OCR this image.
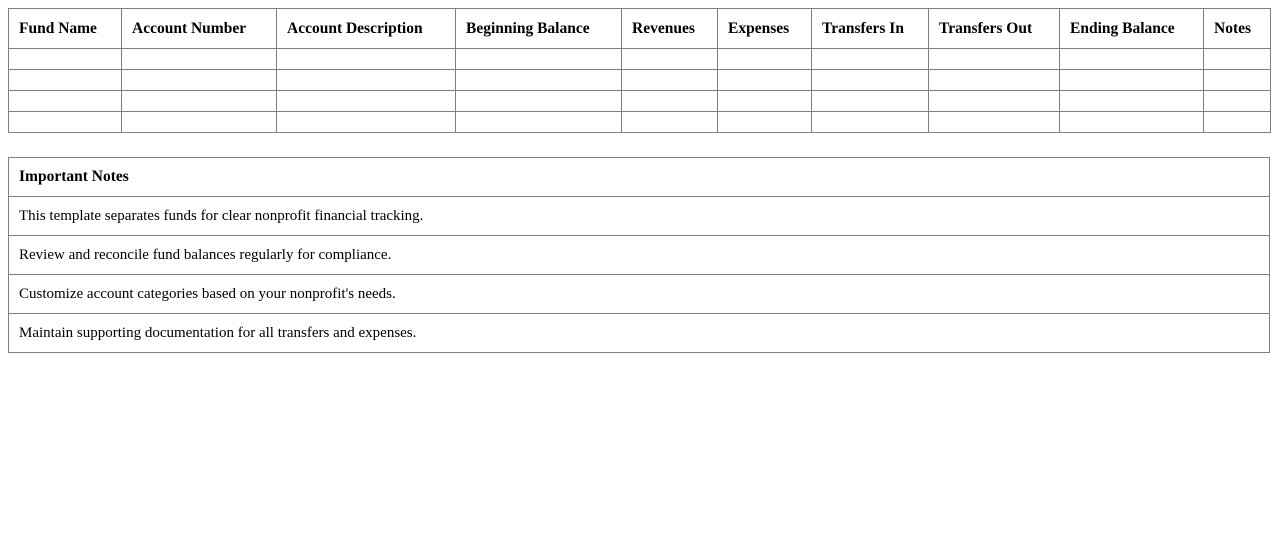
Fund Name	Account Number	Account Description	Beginning Balance	Revenues	Expenses	Transfers In	Transfers Out	Ending Balance	Notes

Important Notes
This template separates funds for clear nonprofit financial tracking.
Review and reconcile fund balances regularly for compliance.
Customize account categories based on your nonprofit's needs.
Maintain supporting documentation for all transfers and expenses.
